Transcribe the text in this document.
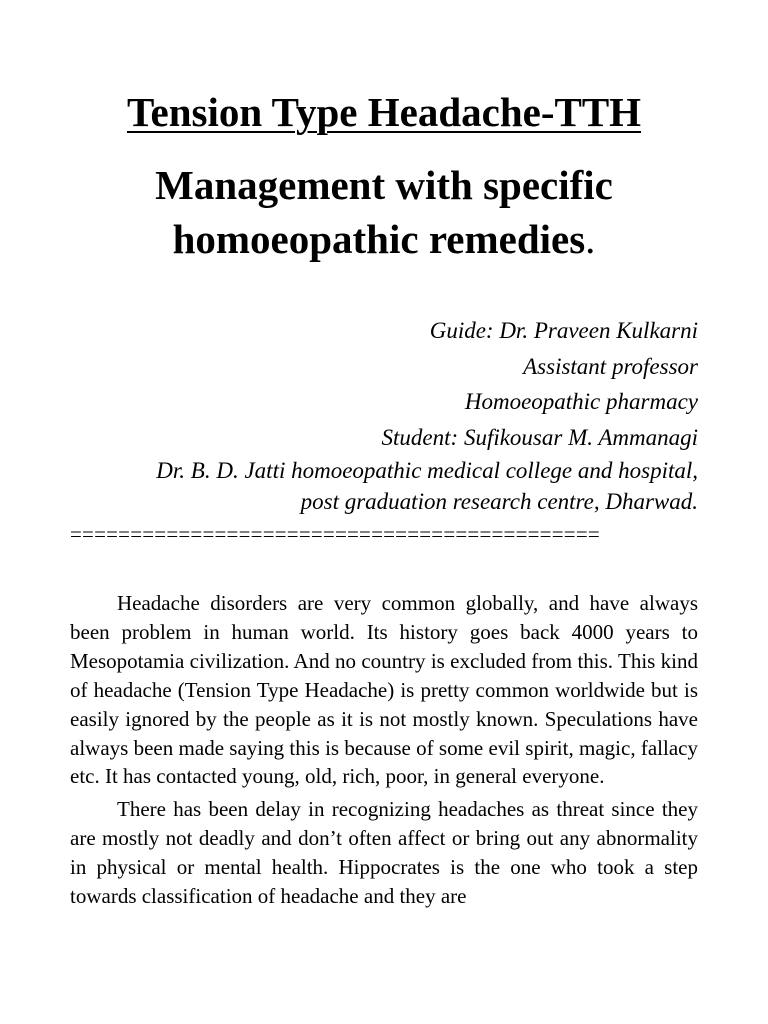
Tension Type Headache-TTH
Management with specific
homoeopathic remedies.
Guide: Dr. Praveen Kulkarni
Assistant professor
Homoeopathic pharmacy
Student: Sufikousar M. Ammanagi
Dr. B. D. Jatti homoeopathic medical college and hospital,
post graduation research centre, Dharwad.
============================================

Headache disorders are very common globally, and have always been problem in human world. Its history goes back 4000 years to Mesopotamia civilization. And no country is excluded from this. This kind of headache (Tension Type Headache) is pretty common worldwide but is easily ignored by the people as it is not mostly known. Speculations have always been made saying this is because of some evil spirit, magic, fallacy etc. It has contacted young, old, rich, poor, in general everyone.

There has been delay in recognizing headaches as threat since they are mostly not deadly and don’t often affect or bring out any abnormality in physical or mental health. Hippocrates is the one who took a step towards classification of headache and they are
